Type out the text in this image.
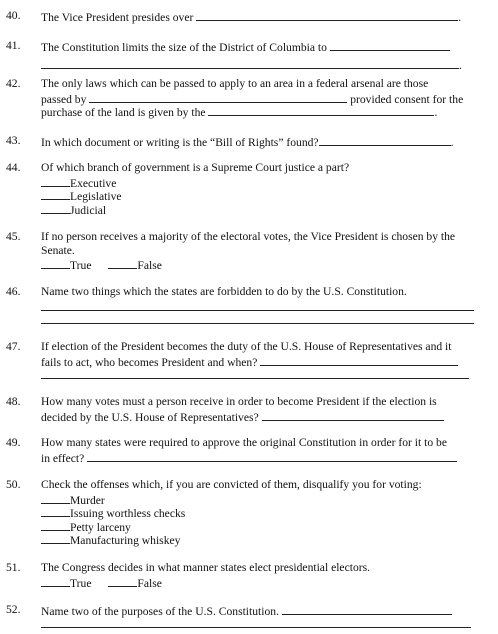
40. The Vice President presides over	.
41. The Constitution limits the size of the District of Columbia to
.
42. The only laws which can be passed to apply to an area in a federal arsenal are those
passed by	provided consent for the
purchase of the land is given by the	.
43. In which document or writing is the “Bill of Rights” found?	.
44. Of which branch of government is a Supreme Court justice a part?
Executive
Legislative
Judicial
45. If no person receives a majority of the electoral votes, the Vice President is chosen by the
Senate.
True	False
46. Name two things which the states are forbidden to do by the U.S. Constitution.
47. If election of the President becomes the duty of the U.S. House of Representatives and it
fails to act, who becomes President and when?
48. How many votes must a person receive in order to become President if the election is
decided by the U.S. House of Representatives?
49. How many states were required to approve the original Constitution in order for it to be
in effect?
50. Check the offenses which, if you are convicted of them, disqualify you for voting:
Murder
Issuing worthless checks
Petty larceny
Manufacturing whiskey
51. The Congress decides in what manner states elect presidential electors.
True	False
52. Name two of the purposes of the U.S. Constitution.
